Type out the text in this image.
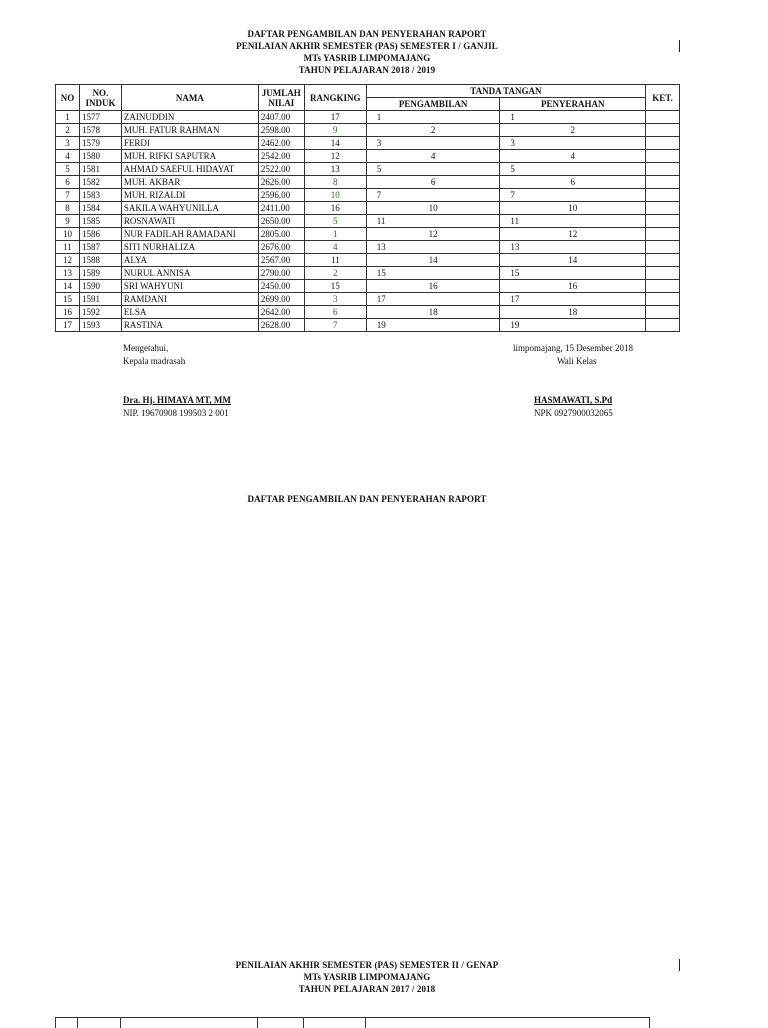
DAFTAR PENGAMBILAN DAN PENYERAHAN RAPORT
PENILAIAN AKHIR SEMESTER (PAS) SEMESTER I / GANJIL
MTs YASRIB LIMPOMAJANG
TAHUN PELAJARAN 2018 / 2019
NO	NO. INDUK	NAMA	JUMLAH NILAI	RANGKING	TANDA TANGAN		KET.
					PENGAMBILAN	PENYERAHAN	
1	1577	ZAINUDDIN	2407.00	17	1	1	
2	1578	MUH. FATUR RAHMAN	2598.00	9	2	2	
3	1579	FERDI	2462.00	14	3	3	
4	1580	MUH. RIFKI SAPUTRA	2542.00	12	4	4	
5	1581	AHMAD SAEFUL HIDAYAT	2522.00	13	5	5	
6	1582	MUH. AKBAR	2626.00	8	6	6	
7	1583	MUH. RIZALDI	2596.00	10	7	7	
8	1584	SAKILA WAHYUNILLA	2411.00	16	10	10	
9	1585	ROSNAWATI	2650.00	5	11	11	
10	1586	NUR FADILAH RAMADANI	2805.00	1	12	12	
11	1587	SITI NURHALIZA	2676.00	4	13	13	
12	1588	ALYA	2567.00	11	14	14	
13	1589	NURUL ANNISA	2790.00	2	15	15	
14	1590	SRI WAHYUNI	2450.00	15	16	16	
15	1591	RAMDANI	2699.00	3	17	17	
16	1592	ELSA	2642.00	6	18	18	
17	1593	RASTINA	2628.00	7	19	19	
Mengetahui,
Kepala madrasah
Dra. Hj. HIMAYA MT, MM
NIP. 19670908 199503 2 001
limpomajang, 15 Desember 2018
Wali Kelas
HASMAWATI, S.Pd
NPK 0927900032065
DAFTAR PENGAMBILAN DAN PENYERAHAN RAPORT
PENILAIAN AKHIR SEMESTER (PAS) SEMESTER II / GENAP
MTs YASRIB LIMPOMAJANG
TAHUN PELAJARAN 2017 / 2018
